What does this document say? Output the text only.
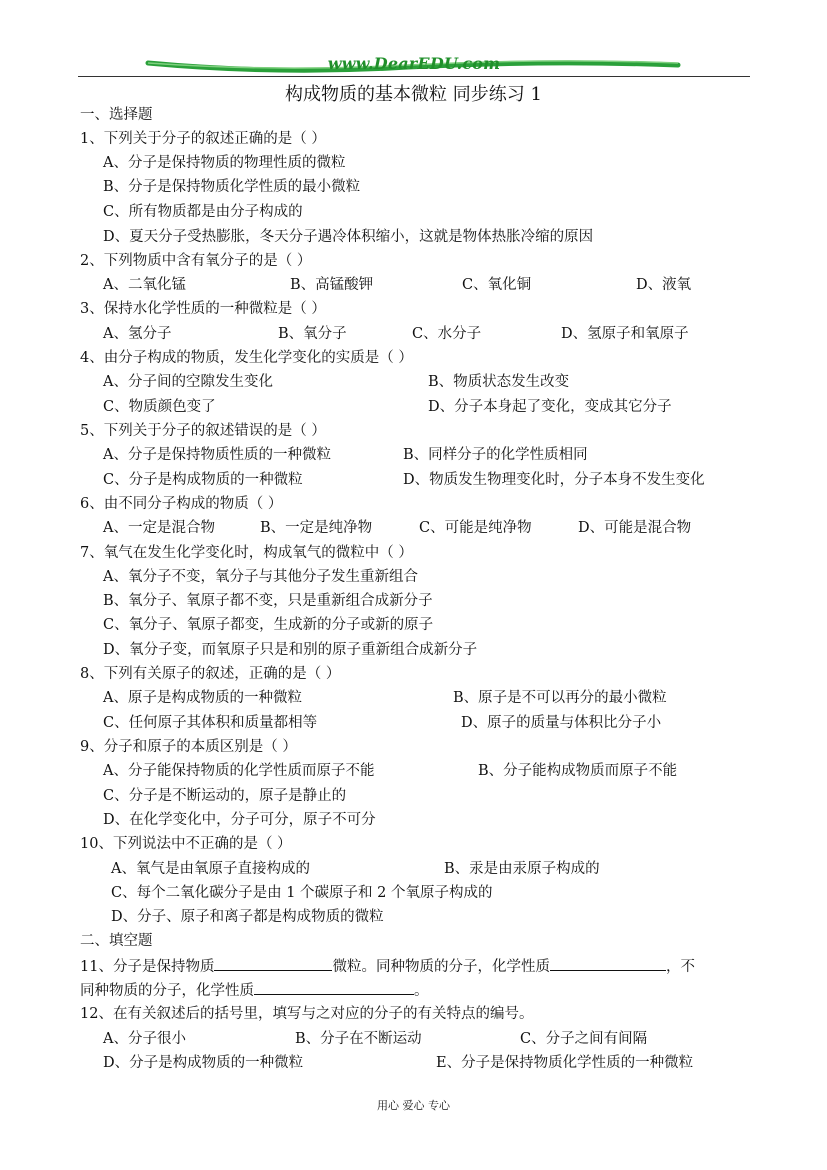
www.DearEDU.com
构成物质的基本微粒 同步练习 1
一、选择题
1、下列关于分子的叙述正确的是（ ）
A、分子是保持物质的物理性质的微粒
B、分子是保持物质化学性质的最小微粒
C、所有物质都是由分子构成的
D、夏天分子受热膨胀，冬天分子遇冷体积缩小，这就是物体热胀冷缩的原因
2、下列物质中含有氧分子的是（ ）
A、二氧化锰	B、高锰酸钾	C、氧化铜	D、液氧
3、保持水化学性质的一种微粒是（ ）
A、氢分子	B、氧分子	C、水分子	D、氢原子和氧原子
4、由分子构成的物质，发生化学变化的实质是（ ）
A、分子间的空隙发生变化	B、物质状态发生改变
C、物质颜色变了	D、分子本身起了变化，变成其它分子
5、下列关于分子的叙述错误的是（ ）
A、分子是保持物质性质的一种微粒	B、同样分子的化学性质相同
C、分子是构成物质的一种微粒	D、物质发生物理变化时，分子本身不发生变化
6、由不同分子构成的物质（ ）
A、一定是混合物	B、一定是纯净物	C、可能是纯净物	D、可能是混合物
7、氧气在发生化学变化时，构成氧气的微粒中（ ）
A、氧分子不变，氧分子与其他分子发生重新组合
B、氧分子、氧原子都不变，只是重新组合成新分子
C、氧分子、氧原子都变，生成新的分子或新的原子
D、氧分子变，而氧原子只是和别的原子重新组合成新分子
8、下列有关原子的叙述，正确的是（ ）
A、原子是构成物质的一种微粒	B、原子是不可以再分的最小微粒
C、任何原子其体积和质量都相等	D、原子的质量与体积比分子小
9、分子和原子的本质区别是（ ）
A、分子能保持物质的化学性质而原子不能	B、分子能构成物质而原子不能
C、分子是不断运动的，原子是静止的
D、在化学变化中，分子可分，原子不可分
10、下列说法中不正确的是（ ）
A、氧气是由氧原子直接构成的	B、汞是由汞原子构成的
C、每个二氧化碳分子是由 1 个碳原子和 2 个氧原子构成的
D、分子、原子和离子都是构成物质的微粒
二、填空题
11、分子是保持物质	微粒。同种物质的分子，化学性质	，不
同种物质的分子，化学性质	。
12、在有关叙述后的括号里，填写与之对应的分子的有关特点的编号。
A、分子很小	B、分子在不断运动	C、分子之间有间隔
D、分子是构成物质的一种微粒	E、分子是保持物质化学性质的一种微粒
用心 爱心 专心
